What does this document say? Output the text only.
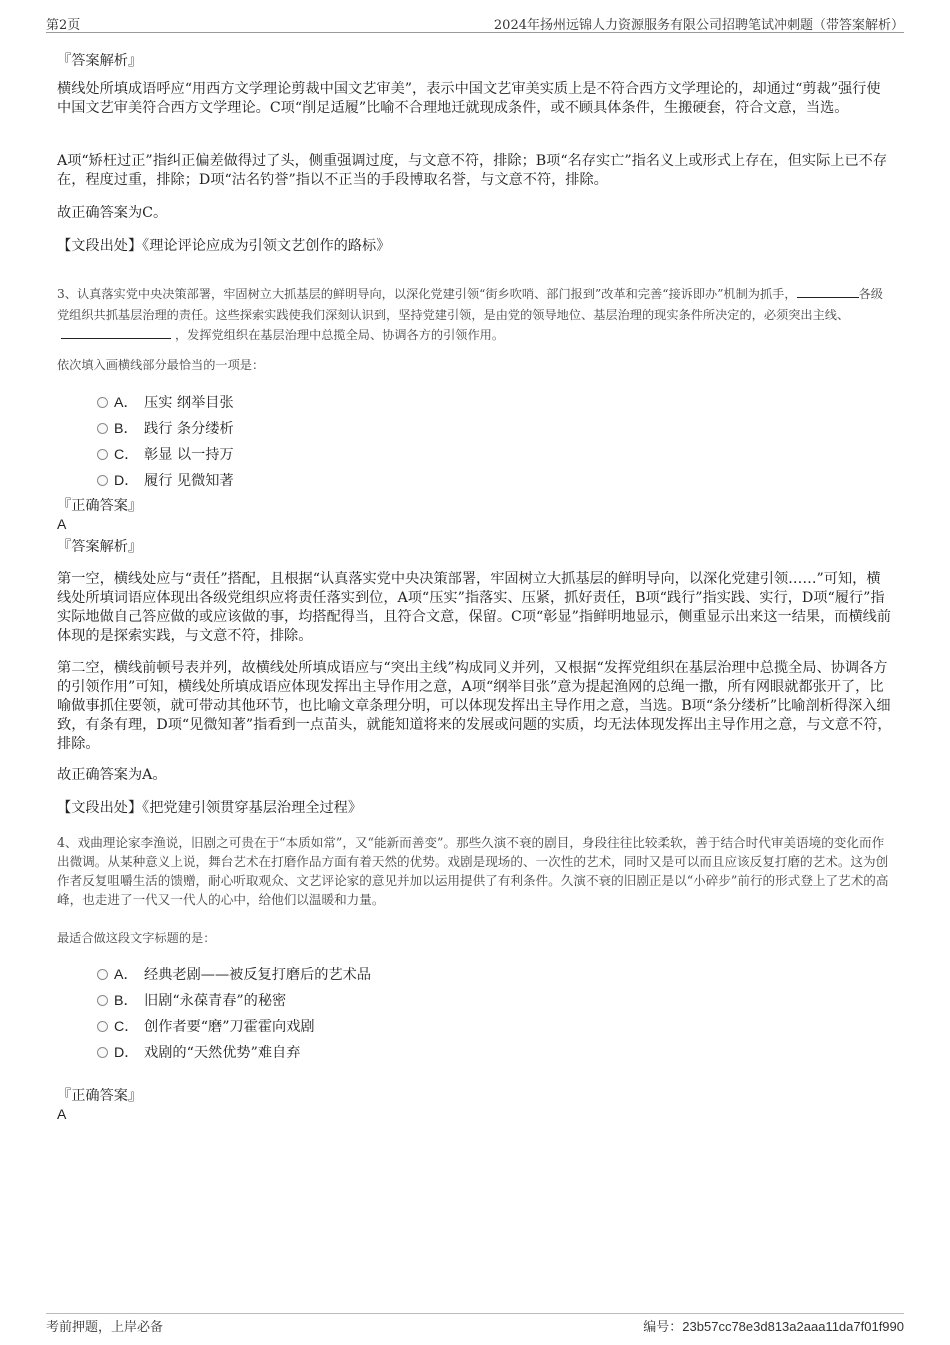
第2页	2024年扬州远锦人力资源服务有限公司招聘笔试冲刺题（带答案解析）
『答案解析』
横线处所填成语呼应“用西方文学理论剪裁中国文艺审美”，表示中国文艺审美实质上是不符合西方文学理论的，却通过“剪裁”强行使中国文艺审美符合西方文学理论。C项“削足适履”比喻不合理地迁就现成条件，或不顾具体条件，生搬硬套，符合文意，当选。
A项“矫枉过正”指纠正偏差做得过了头，侧重强调过度，与文意不符，排除；B项“名存实亡”指名义上或形式上存在，但实际上已不存在，程度过重，排除；D项“沽名钓誉”指以不正当的手段博取名誉，与文意不符，排除。
故正确答案为C。
【文段出处】《理论评论应成为引领文艺创作的路标》
3、认真落实党中央决策部署，牢固树立大抓基层的鲜明导向，以深化党建引领“街乡吹哨、部门报到”改革和完善“接诉即办”机制为抓手，	各级党组织共抓基层治理的责任。这些探索实践使我们深刻认识到，坚持党建引领，是由党的领导地位、基层治理的现实条件所决定的，必须突出主线、，发挥党组织在基层治理中总揽全局、协调各方的引领作用。
依次填入画横线部分最恰当的一项是：
A． 压实 纲举目张
B． 践行 条分缕析
C． 彰显 以一持万
D． 履行 见微知著
『正确答案』
A
『答案解析』
第一空，横线处应与“责任”搭配，且根据“认真落实党中央决策部署，牢固树立大抓基层的鲜明导向，以深化党建引领……”可知，横线处所填词语应体现出各级党组织应将责任落实到位，A项“压实”指落实、压紧，抓好责任，B项“践行”指实践、实行，D项“履行”指实际地做自己答应做的或应该做的事，均搭配得当，且符合文意，保留。C项“彰显”指鲜明地显示，侧重显示出来这一结果，而横线前体现的是探索实践，与文意不符，排除。
第二空，横线前顿号表并列，故横线处所填成语应与“突出主线”构成同义并列，又根据“发挥党组织在基层治理中总揽全局、协调各方的引领作用”可知，横线处所填成语应体现发挥出主导作用之意，A项“纲举目张”意为提起渔网的总绳一撒，所有网眼就都张开了，比喻做事抓住要领，就可带动其他环节，也比喻文章条理分明，可以体现发挥出主导作用之意，当选。B项“条分缕析”比喻剖析得深入细致，有条有理，D项“见微知著”指看到一点苗头，就能知道将来的发展或问题的实质，均无法体现发挥出主导作用之意，与文意不符，排除。
故正确答案为A。
【文段出处】《把党建引领贯穿基层治理全过程》
4、戏曲理论家李渔说，旧剧之可贵在于“本质如常”，又“能新而善变”。那些久演不衰的剧目，身段往往比较柔软，善于结合时代审美语境的变化而作出微调。从某种意义上说，舞台艺术在打磨作品方面有着天然的优势。戏剧是现场的、一次性的艺术，同时又是可以而且应该反复打磨的艺术。这为创作者反复咀嚼生活的馈赠，耐心听取观众、文艺评论家的意见并加以运用提供了有利条件。久演不衰的旧剧正是以“小碎步”前行的形式登上了艺术的高峰，也走进了一代又一代人的心中，给他们以温暖和力量。
最适合做这段文字标题的是：
A． 经典老剧——被反复打磨后的艺术品
B． 旧剧“永葆青春”的秘密
C． 创作者要“磨”刀霍霍向戏剧
D． 戏剧的“天然优势”难自弃
『正确答案』
A
考前押题，上岸必备	编号：23b57cc78e3d813a2aaa11da7f01f990
